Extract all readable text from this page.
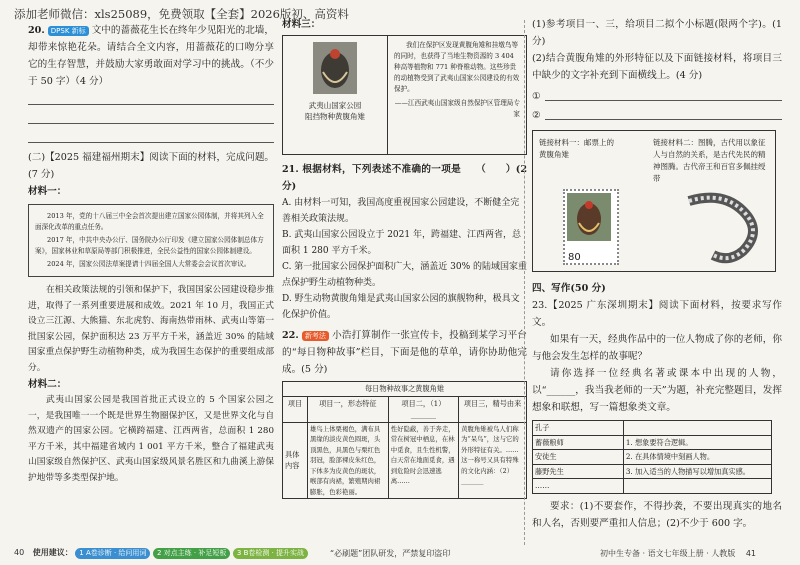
添加老师微信：xls25089，免费领取【全套】2026版初、高资料

20. DPSK 新标 文中的蔷薇花生长在终年少见阳光的北墙，却带来惊艳花朵。请结合全文内容，用蔷薇花的口吻分享它的生存智慧，并鼓励大家勇敢面对学习中的挑战。（不少于 50 字）（4 分）

(二)【2025 福建福州期末】阅读下面的材料，完成问题。(7 分)

材料一：

2013 年，党的十八届三中全会首次提出建立国家公园体制，并将其列入全面深化改革的重点任务。

2017 年，中共中央办公厅、国务院办公厅印发《建立国家公园体制总体方案》，国家林业和草原局等部门积极推进，全民公益性的国家公园体制建设。

2024 年，国家公园法草案提请十四届全国人大常委会会议首次审议。

在相关政策法规的引领和保护下，我国国家公园建设稳步推进，取得了一系列重要进展和成效。2021 年 10 月，我国正式设立三江源、大熊猫、东北虎豹、海南热带雨林、武夷山等第一批国家公园，保护面积达 23 万平方千米，涵盖近 30% 的陆域国家重点保护野生动植物种类，成为我国生态保护的重要组成部分。

材料二：

武夷山国家公园是我国首批正式设立的 5 个国家公园之一，是我国唯一一个既是世界生物圈保护区，又是世界文化与自然双遗产的国家公园。它横跨福建、江西两省，总面积 1 280 平方千米，其中福建省域内 1 001 平方千米，整合了福建武夷山国家级自然保护区、武夷山国家级风景名胜区和九曲溪上游保护地带等多类型保护地。

40 使用建议： 1 A卷诊断 · 给问用词 2 对点主练 · 补足短板 3 B卷检测 · 提升实战

材料三：

武夷山国家公园
阻挡物种黄腹角雉
我们在保护区发现黄腹角雉和挂墩鸟等的同时，也获得了当地生物资源的 3 404 种高等植物和 771 种脊椎动物。这些珍贵的动植物受到了武夷山国家公园建设的有效保护。
——江西武夷山国家级自然保护区管理局专家

21. 根据材料，下列表述不准确的一项是　　（　　）(2 分)

A. 由材料一可知，我国高度重视国家公园建设，不断健全完善相关政策法规。
B. 武夷山国家公园设立于 2021 年，跨福建、江西两省，总面积 1 280 平方千米。
C. 第一批国家公园保护面积广大，涵盖近 30% 的陆域国家重点保护野生动植物种类。
D. 野生动物黄腹角雉是武夷山国家公园的旗舰物种，极具文化保护价值。

22. 新考法 小浩打算制作一张宣传卡，投稿到某学习平台的“每日物种故事”栏目，下面是他的草单，请你协助他完成。(5 分)

每日物种故事之黄腹角雉			
项目	项目一，形态特征	项目二，（1）_______	项目三，精号由来
具体内容	雄鸟上体栗褐色，满布具黑缘的淡皮黄色圆斑，头顶黑色，具黑色与栗红色羽冠，脸部裸皮朱红色，下体多为皮黄色的斑状，喉部有肉裙，繁殖期肉裙膨胀，色彩艳丽。	性好隐蔽，善于奔走，常在树冠中栖息，在林中觅食，且生性机警，白天常在地面觅食，遇到危险时会迅速逃离……	黄腹角雉被鸟人们称为“呆鸟”，这与它的外形特征有关。……这一称号又具有特殊的文化内涵：（2）_______
“必刷题”团队研发，严禁复印盗印

(1)参考项目一、三，给项目二拟个小标题(限两个字)。(1 分)

(2)结合黄腹角雉的外形特征以及下面链接材料，将项目三中缺少的文字补充到下面横线上。(4 分)

①
②
链接材料一：邮票上的黄腹角雉
链接材料二：图腾，古代用以象征人与自然的关系，是古代先民的精神图腾。古代帝王和百官多佩挂绶带
80

四、写作(50 分)

23.【2025 广东深圳期末】阅读下面材料，按要求写作文。

如果有一天，经典作品中的一位人物成了你的老师，你与他会发生怎样的故事呢？

请你选择一位经典名著或课本中出现的人物，以“______，我当我老师的一天”为题，补充完整题目，发挥想象和联想，写一篇想象类文章。

孔子	
蓄薇粮师	1. 想象要符合逻辑。
安徒生	2. 在具体情境中刻画人物。
藤野先生	3. 加入适当的人物描写以增加真实感。
……	

要求：(1)不要套作，不得抄袭，不要出现真实的地名和人名，否则要严重扣人信息；(2)不少于 600 字。

初中生专备 · 语文七年级上册 · 人教版 41
